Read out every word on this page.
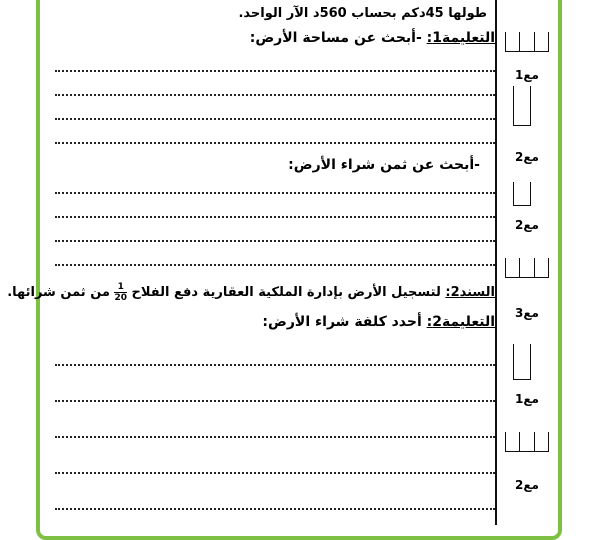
طولها 45دكم بحساب 560د الآر الواحد.
التعليمة1: -أبحث عن مساحة الأرض:
-أبحث عن ثمن شراء الأرض:
السند2: لتسجيل الأرض بإدارة الملكية العقارية دفع الفلاح
$\frac{1}{20}$
من ثمن شرائها.
التعليمة2: أحدد كلفة شراء الأرض:
مع1
مع2
مع2
مع3
مع1
مع2
